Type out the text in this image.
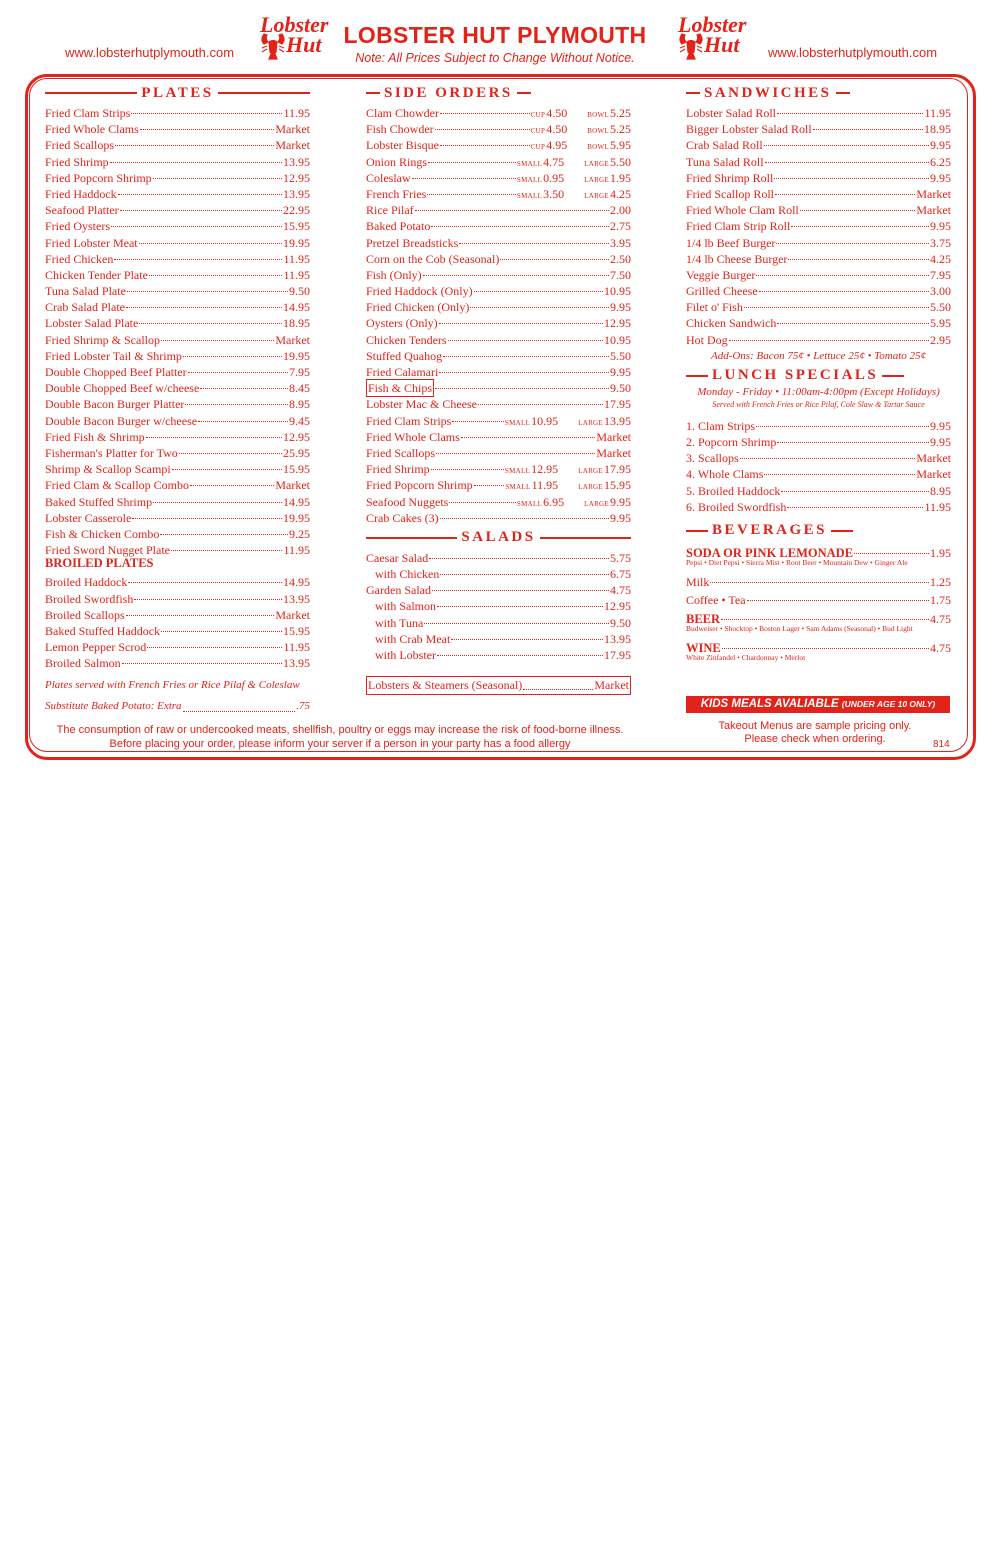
www.lobsterhutplymouth.com
Lobster
Hut LOBSTER HUT PLYMOUTH
Note: All Prices Subject to Change Without Notice.
Lobster
Hut www.lobsterhutplymouth.com
PLATES
Fried Clam Strips	11.95
Fried Whole Clams	Market
Fried Scallops	Market
Fried Shrimp	13.95
Fried Popcorn Shrimp	12.95
Fried Haddock	13.95
Seafood Platter	22.95
Fried Oysters	15.95
Fried Lobster Meat	19.95
Fried Chicken	11.95
Chicken Tender Plate	11.95
Tuna Salad Plate	9.50
Crab Salad Plate	14.95
Lobster Salad Plate	18.95
Fried Shrimp & Scallop	Market
Fried Lobster Tail & Shrimp	19.95
Double Chopped Beef Platter	7.95
Double Chopped Beef w/cheese	8.45
Double Bacon Burger Platter	8.95
Double Bacon Burger w/cheese	9.45
Fried Fish & Shrimp	12.95
Fisherman's Platter for Two	25.95
Shrimp & Scallop Scampi	15.95
Fried Clam & Scallop Combo	Market
Baked Stuffed Shrimp	14.95
Lobster Casserole	19.95
Fish & Chicken Combo	9.25
Fried Sword Nugget Plate	11.95
BROILED PLATES
Broiled Haddock	14.95
Broiled Swordfish	13.95
Broiled Scallops	Market
Baked Stuffed Haddock	15.95
Lemon Pepper Scrod	11.95
Broiled Salmon	13.95
Plates served with French Fries or Rice Pilaf & Coleslaw
Substitute Baked Potato: Extra	.75
SIDE ORDERS
Clam Chowder	CUP 4.50	BOWL 5.25
Fish Chowder	CUP 4.50	BOWL 5.25
Lobster Bisque	CUP 4.95	BOWL 5.95
Onion Rings	SMALL 4.75	LARGE 5.50
Coleslaw	SMALL 0.95	LARGE 1.95
French Fries	SMALL 3.50	LARGE 4.25
Rice Pilaf	2.00
Baked Potato	2.75
Pretzel Breadsticks	3.95
Corn on the Cob (Seasonal)	2.50
Fish (Only)	7.50
Fried Haddock (Only)	10.95
Fried Chicken (Only)	9.95
Oysters (Only)	12.95
Chicken Tenders	10.95
Stuffed Quahog	5.50
Fried Calamari	9.95
Fish & Chips	9.50
Lobster Mac & Cheese	17.95
Fried Clam Strips	SMALL 10.95	LARGE 13.95
Fried Whole Clams	Market
Fried Scallops	Market
Fried Shrimp	SMALL 12.95	LARGE 17.95
Fried Popcorn Shrimp	SMALL 11.95	LARGE 15.95
Seafood Nuggets	SMALL 6.95	LARGE 9.95
Crab Cakes (3)	9.95
SALADS
Caesar Salad	5.75
with Chicken	6.75
Garden Salad	4.75
with Salmon	12.95
with Tuna	9.50
with Crab Meat	13.95
with Lobster	17.95
Lobsters & Steamers (Seasonal)	Market
SANDWICHES
Lobster Salad Roll	11.95
Bigger Lobster Salad Roll	18.95
Crab Salad Roll	9.95
Tuna Salad Roll	6.25
Fried Shrimp Roll	9.95
Fried Scallop Roll	Market
Fried Whole Clam Roll	Market
Fried Clam Strip Roll	9.95
1/4 lb Beef Burger	3.75
1/4 lb Cheese Burger	4.25
Veggie Burger	7.95
Grilled Cheese	3.00
Filet o' Fish	5.50
Chicken Sandwich	5.95
Hot Dog	2.95
Add-Ons: Bacon 75¢ • Lettuce 25¢ • Tomato 25¢
LUNCH SPECIALS
Monday - Friday • 11:00am-4:00pm (Except Holidays)
Served with French Fries or Rice Pilaf, Cole Slaw & Tartar Sauce
1. Clam Strips	9.95
2. Popcorn Shrimp	9.95
3. Scallops	Market
4. Whole Clams	Market
5. Broiled Haddock	8.95
6. Broiled Swordfish	11.95
BEVERAGES
SODA OR PINK LEMONADE	1.95
Pepsi • Diet Pepsi • Sierra Mist • Root Beer • Mountain Dew • Ginger Ale
Milk	1.25
Coffee • Tea	1.75
BEER	4.75
Budweiser • Shocktop • Boston Lager • Sam Adams (Seasonal) • Bud Light
WINE	4.75
White Zinfandel • Chardonnay • Merlot
KIDS MEALS AVALIABLE (UNDER AGE 10 ONLY)
Takeout Menus are sample pricing only.
Please check when ordering.	814
The consumption of raw or undercooked meats, shellfish, poultry or eggs may increase the risk of food-borne illness.
Before placing your order, please inform your server if a person in your party has a food allergy
